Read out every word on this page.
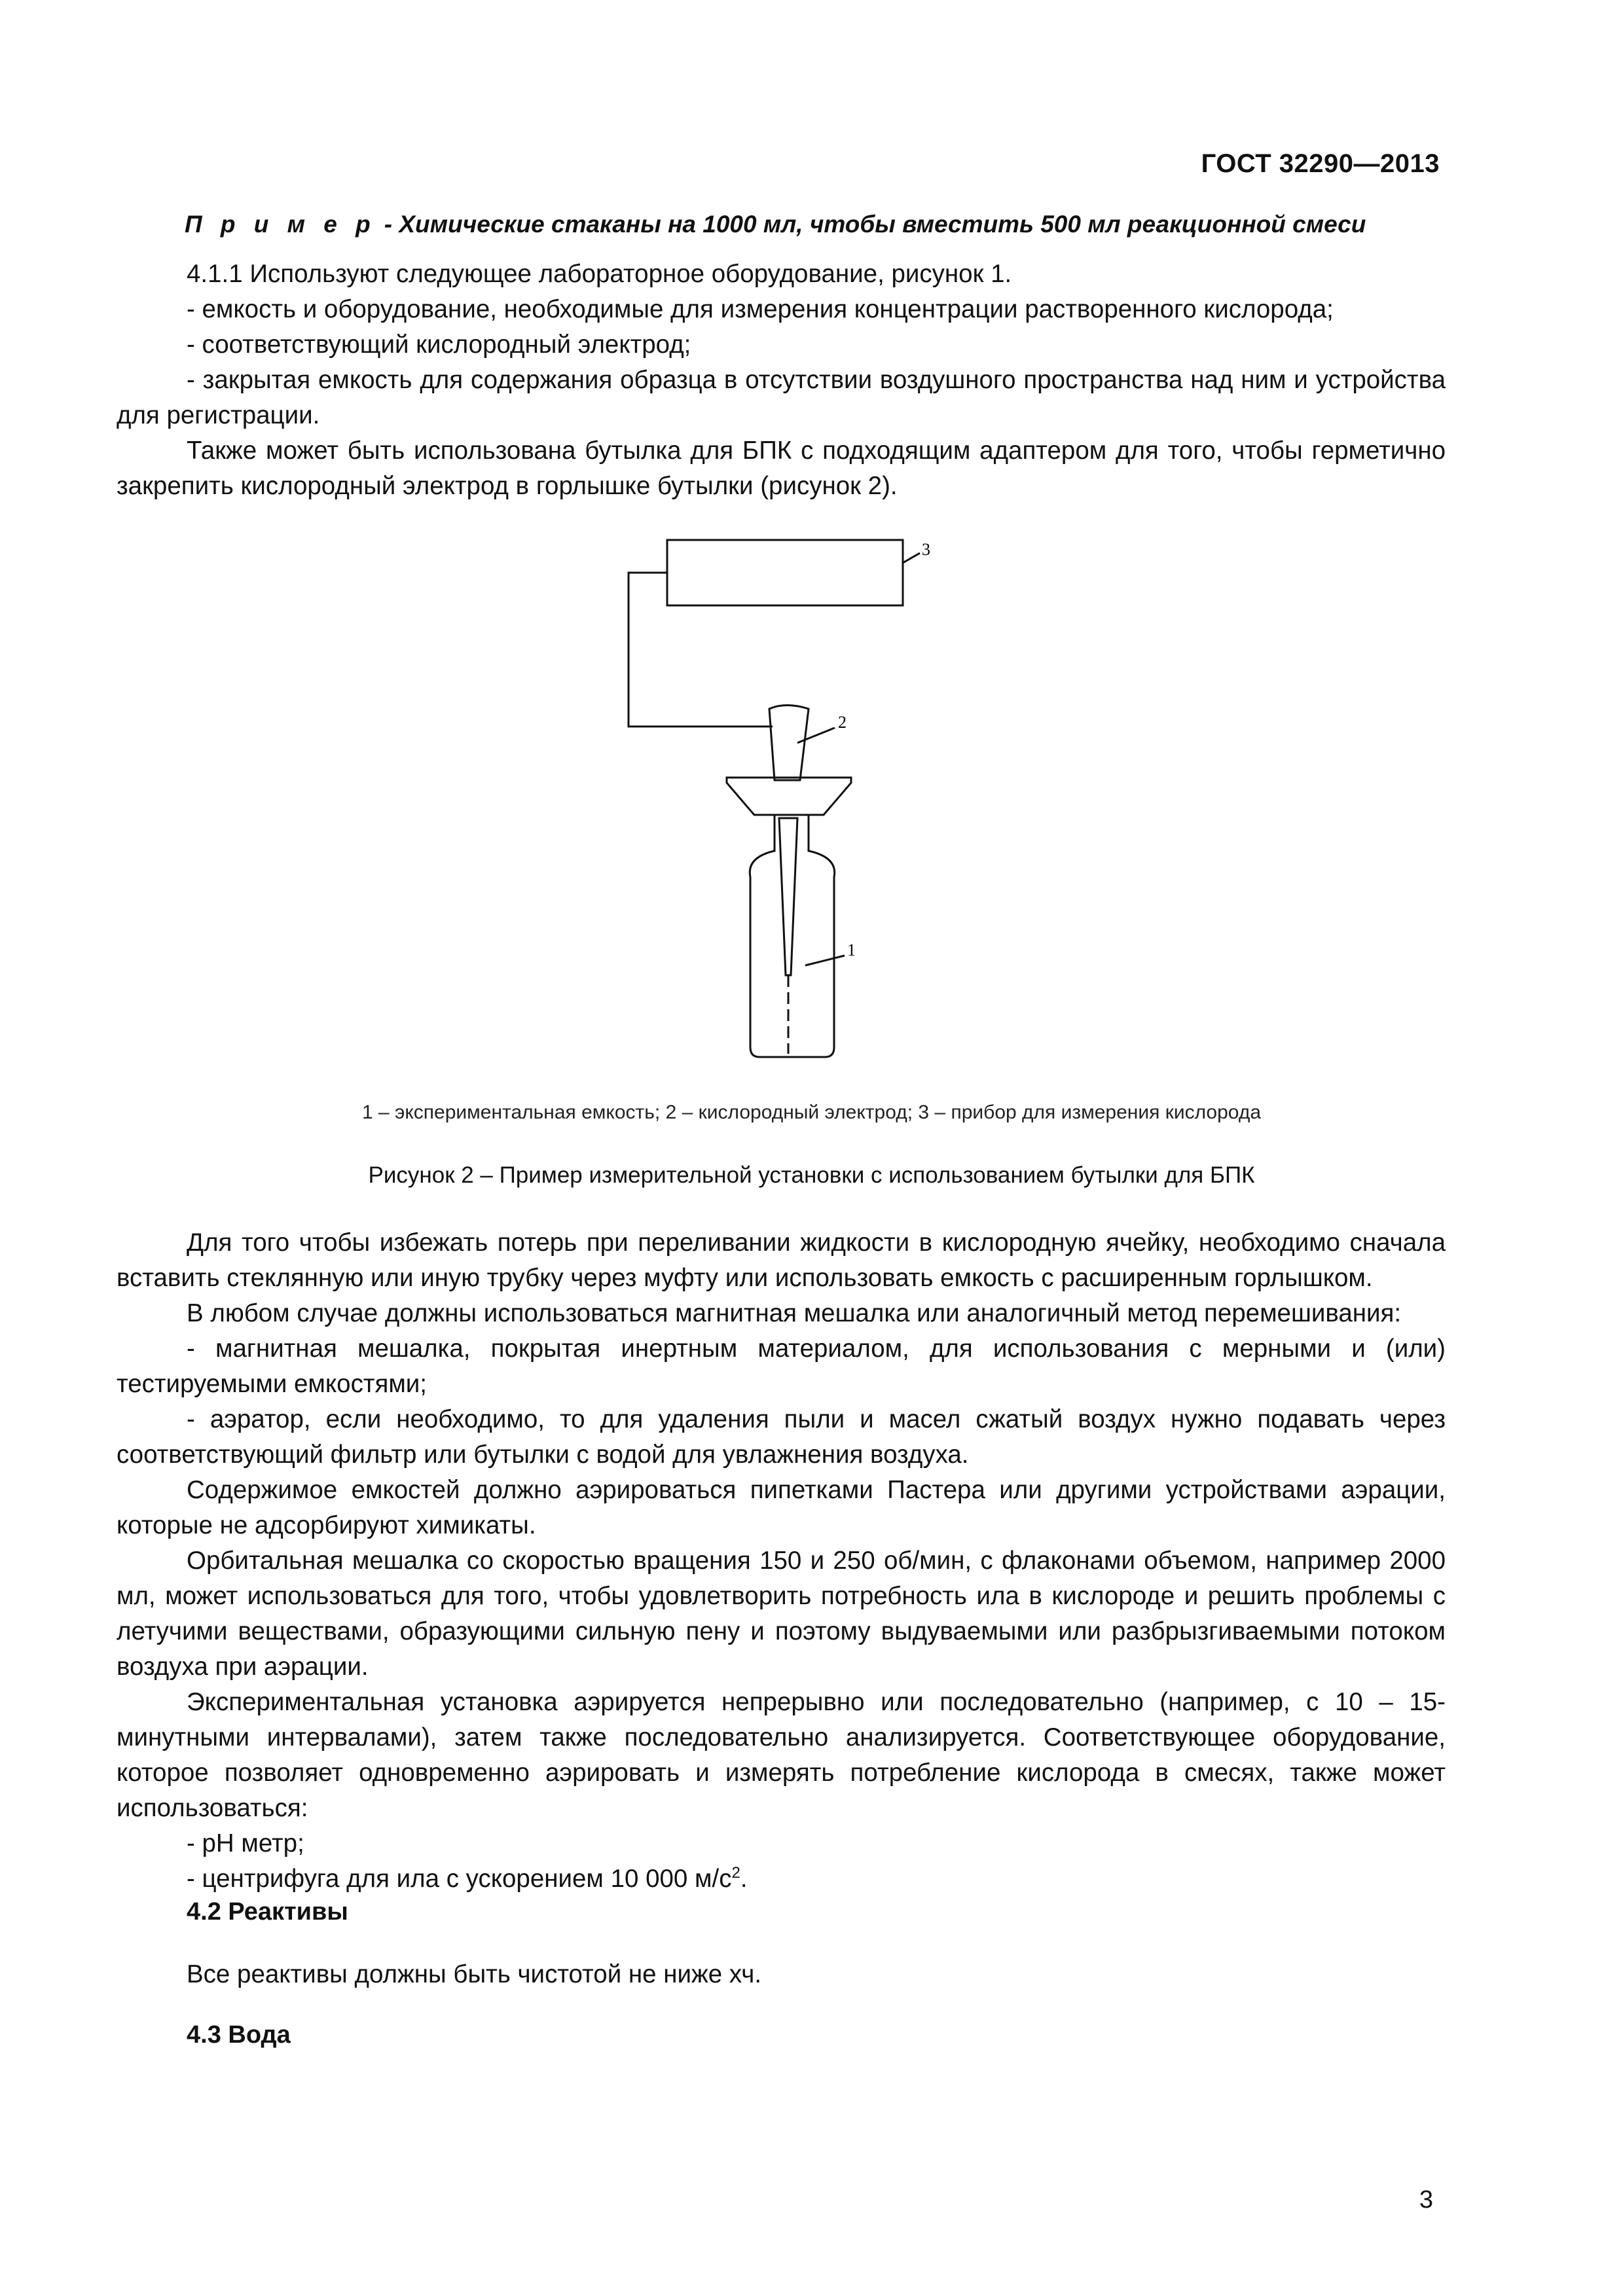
ГОСТ 32290—2013
П р и м е р - Химические стаканы на 1000 мл, чтобы вместить 500 мл реакционной смеси

4.1.1 Используют следующее лабораторное оборудование, рисунок 1.

- емкость и оборудование, необходимые для измерения концентрации растворенного кислорода;

- соответствующий кислородный электрод;

- закрытая емкость для содержания образца в отсутствии воздушного пространства над ним и устройства для регистрации.

Также может быть использована бутылка для БПК с подходящим адаптером для того, чтобы герметично закрепить кислородный электрод в горлышке бутылки (рисунок 2).

3
2
1
1 – экспериментальная емкость; 2 – кислородный электрод; 3 – прибор для измерения кислорода
Рисунок 2 – Пример измерительной установки с использованием бутылки для БПК

Для того чтобы избежать потерь при переливании жидкости в кислородную ячейку, необходимо сначала вставить стеклянную или иную трубку через муфту или использовать емкость с расширенным горлышком.

В любом случае должны использоваться магнитная мешалка или аналогичный метод перемешивания:

- магнитная мешалка, покрытая инертным материалом, для использования с мерными и (или) тестируемыми емкостями;

- аэратор, если необходимо, то для удаления пыли и масел сжатый воздух нужно подавать через соответствующий фильтр или бутылки с водой для увлажнения воздуха.

Содержимое емкостей должно аэрироваться пипетками Пастера или другими устройствами аэрации, которые не адсорбируют химикаты.

Орбитальная мешалка со скоростью вращения 150 и 250 об/мин, с флаконами объемом, например 2000 мл, может использоваться для того, чтобы удовлетворить потребность ила в кислороде и решить проблемы с летучими веществами, образующими сильную пену и поэтому выдуваемыми или разбрызгиваемыми потоком воздуха при аэрации.

Экспериментальная установка аэрируется непрерывно или последовательно (например, с 10 – 15-минутными интервалами), затем также последовательно анализируется. Соответствующее оборудование, которое позволяет одновременно аэрировать и измерять потребление кислорода в смесях, также может использоваться:

- pH метр;

- центрифуга для ила с ускорением 10 000 $м/с^2$.

4.2 Реактивы
Все реактивы должны быть чистотой не ниже хч.
4.3 Вода
3
